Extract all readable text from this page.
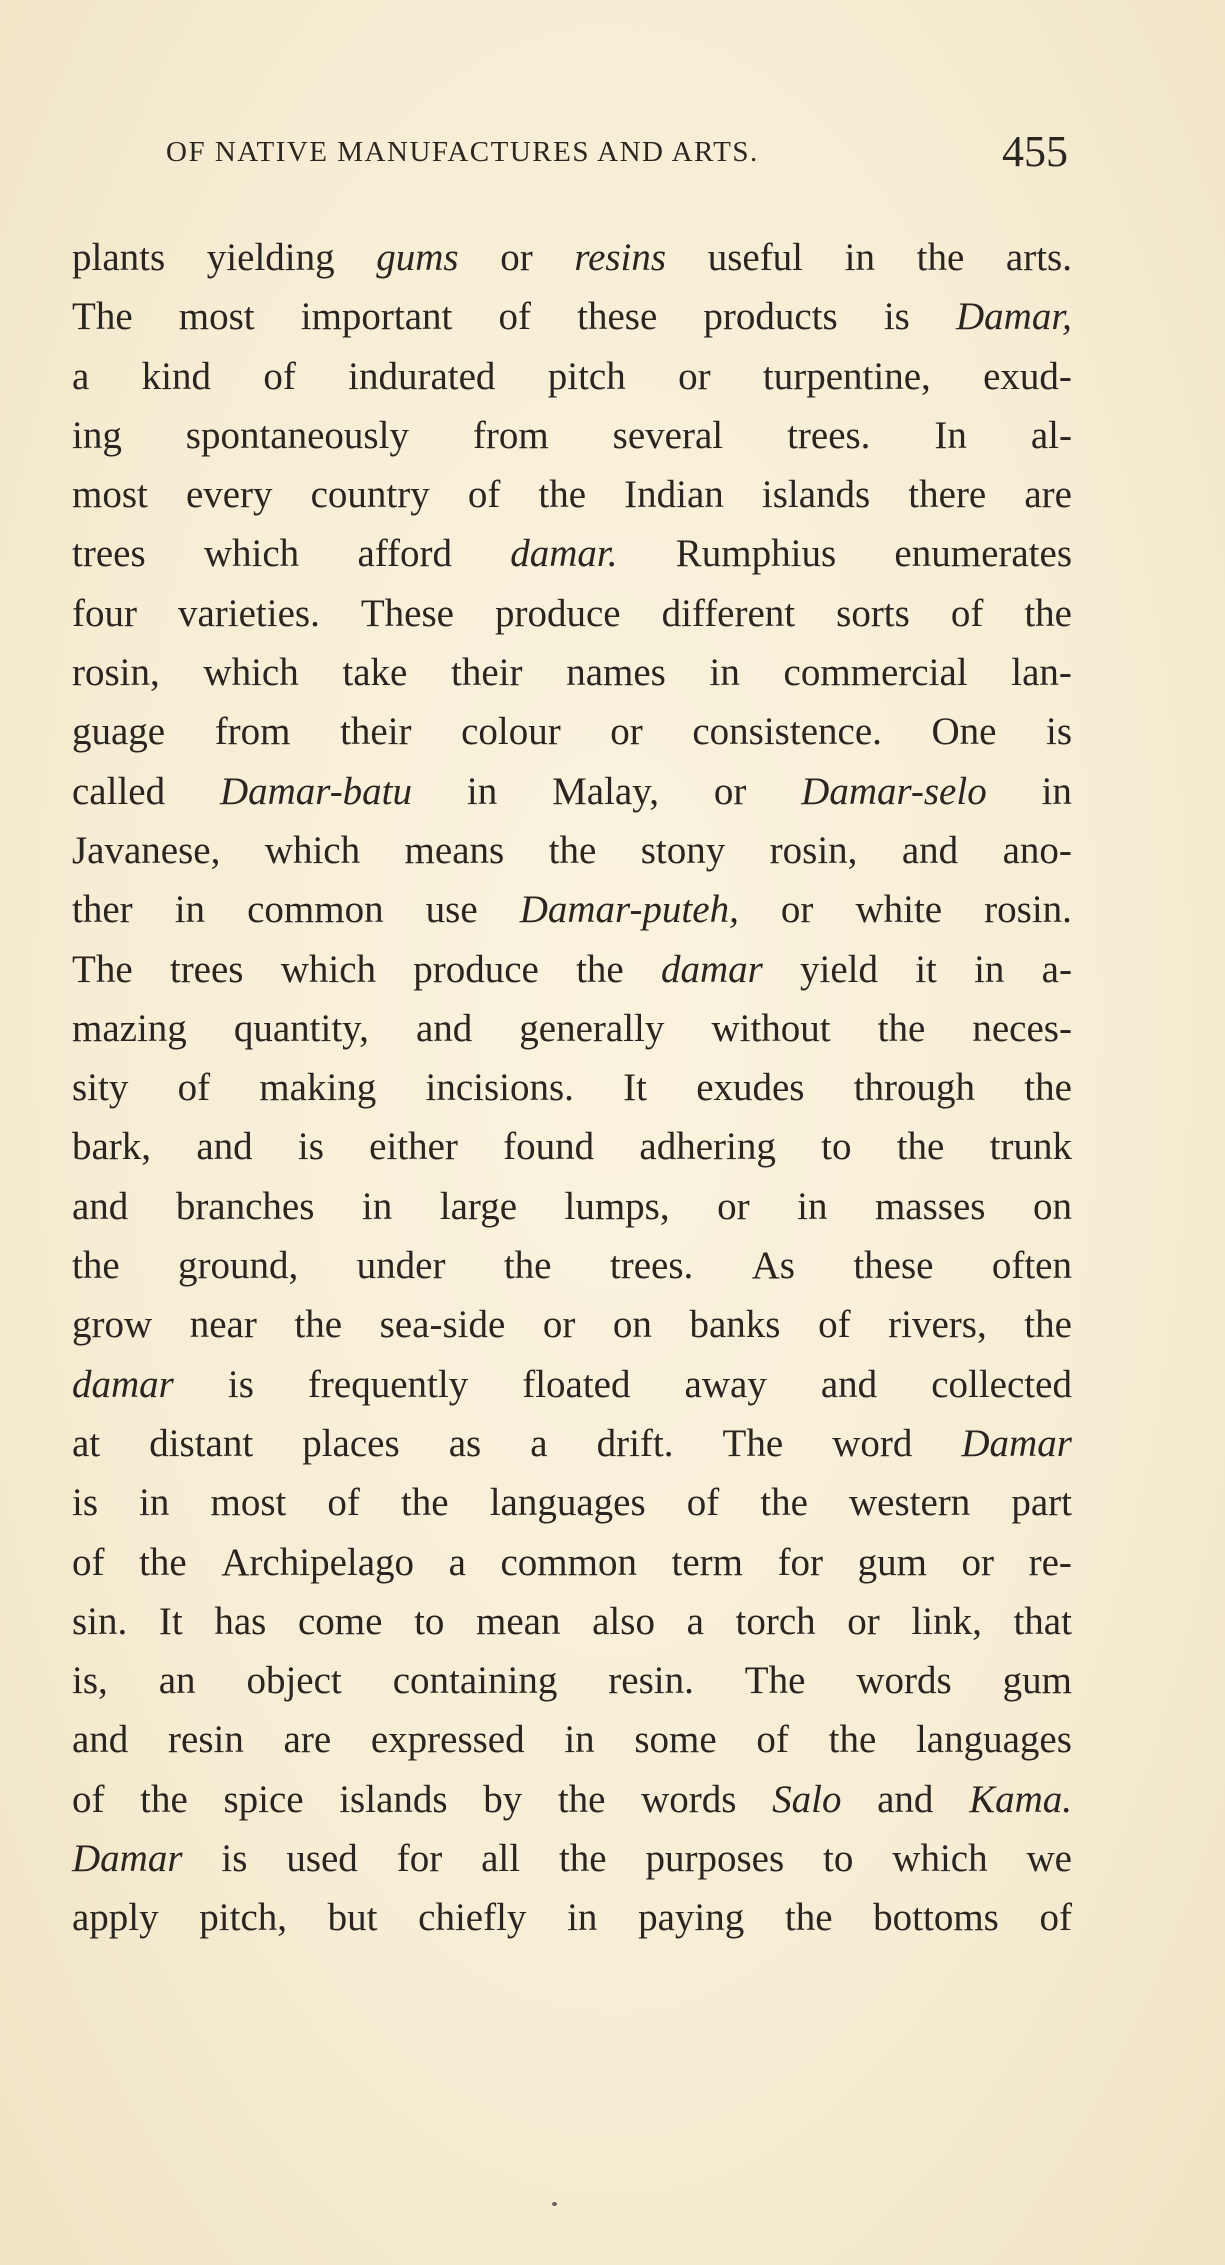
OF NATIVE MANUFACTURES AND ARTS.	455
plants yielding gums or resins useful in the arts.
The most important of these products is Damar,
a kind of indurated pitch or turpentine, exud-
ing spontaneously from several trees. In al-
most every country of the Indian islands there are
trees which afford damar. Rumphius enumerates
four varieties. These produce different sorts of the
rosin, which take their names in commercial lan-
guage from their colour or consistence. One is
called Damar-batu in Malay, or Damar-selo in
Javanese, which means the stony rosin, and ano-
ther in common use Damar-puteh, or white rosin.
The trees which produce the damar yield it in a-
mazing quantity, and generally without the neces-
sity of making incisions. It exudes through the
bark, and is either found adhering to the trunk
and branches in large lumps, or in masses on
the ground, under the trees. As these often
grow near the sea-side or on banks of rivers, the
damar is frequently floated away and collected
at distant places as a drift. The word Damar
is in most of the languages of the western part
of the Archipelago a common term for gum or re-
sin. It has come to mean also a torch or link, that
is, an object containing resin. The words gum
and resin are expressed in some of the languages
of the spice islands by the words Salo and Kama.
Damar is used for all the purposes to which we
apply pitch, but chiefly in paying the bottoms of
